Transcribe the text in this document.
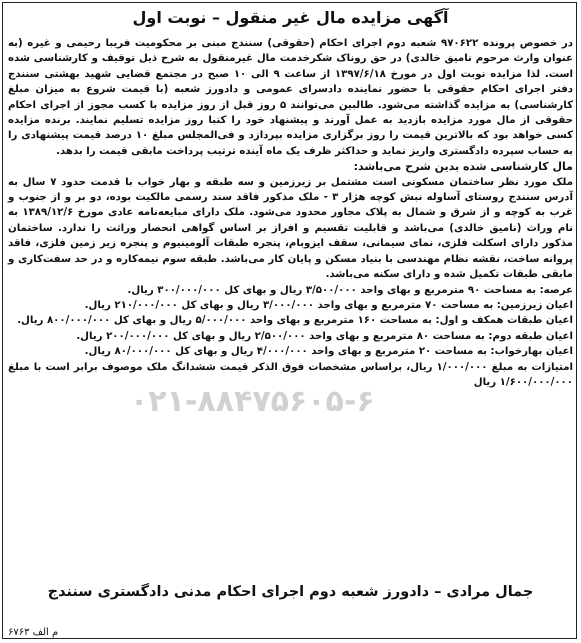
آگهی مزایده مال غیر منقول – نوبت اول

در خصوص پرونده ۹۷۰۶۲۲ شعبه دوم اجرای احکام (حقوقی) سنندج مبنی بر محکومیت فریبا رحیمی و غیره (به عنوان وارث مرحوم نامیق خالدی) در حق روناک شکرخدمت مال غیرمنقول به شرح ذیل توقیف و کارشناسی شده است. لذا مزایده نوبت اول در مورخ ۱۳۹۷/۶/۱۸ از ساعت ۹ الی ۱۰ صبح در مجتمع قضایی شهید بهشتی سنندج دفتر اجرای احکام حقوقی با حضور نماینده دادسرای عمومی و دادورز شعبه (با قیمت شروع به میزان مبلغ کارشناسی) به مزایده گذاشته می‌شود. طالبین می‌توانند ۵ روز قبل از روز مزایده با کسب مجوز از اجرای احکام حقوقی از مال مورد مزایده بازدید به عمل آورند و پیشنهاد خود را کتبا روز مزایده تسلیم نمایند. برنده مزایده کسی خواهد بود که بالاترین قیمت را روز برگزاری مزایده بپردازد و فی‌المجلس مبلغ ۱۰ درصد قیمت پیشنهادی را به حساب سپرده دادگستری واریز نماید و حداکثر ظرف یک ماه آینده ترتیب پرداخت مابقی قیمت را بدهد.

مال کارشناسی شده بدین شرح می‌باشد:

ملک مورد نظر ساختمان مسکونی است مشتمل بر زیرزمین و سه طبقه و بهار خواب با قدمت حدود ۷ سال به آدرس سنندج روستای آساوله نبش کوچه هژار ۳ - ملک مذکور فاقد سند رسمی مالکیت بوده، دو بر و از جنوب و غرب به کوچه و از شرق و شمال به پلاک مجاور محدود می‌شود. ملک دارای مبایعه‌نامه عادی مورخ ۱۳۸۹/۱۲/۶ به نام وراث (نامیق خالدی) می‌باشد و قابلیت تقسیم و افراز بر اساس گواهی انحصار وراثت را ندارد. ساختمان مذکور دارای اسکلت فلزی، نمای سیمانی، سقف ایزوبام، پنجره طبقات آلومینیوم و پنجره زیر زمین فلزی، فاقد پروانه ساخت، نقشه نظام مهندسی با بنیاد مسکن و پایان کار می‌باشد. طبقه سوم نیمه‌کاره و در حد سفت‌کاری و مابقی طبقات تکمیل شده و دارای سکنه می‌باشد.

عرصه: به مساحت ۹۰ مترمربع و بهای واحد ۳/۵۰۰/۰۰۰ ریال و بهای کل ۳۰۰/۰۰۰/۰۰۰ ریال.

اعیان زیرزمین: به مساحت ۷۰ مترمربع و بهای واحد ۳/۰۰۰/۰۰۰ ریال و بهای کل ۲۱۰/۰۰۰/۰۰۰ ریال.

اعیان طبقات همکف و اول: به مساحت ۱۶۰ مترمربع و بهای واحد ۵/۰۰۰/۰۰۰ ریال و بهای کل ۸۰۰/۰۰۰/۰۰۰ ریال.

اعیان طبقه دوم: به مساحت ۸۰ مترمربع و بهای واحد ۲/۵۰۰/۰۰۰ ریال و بهای کل ۲۰۰/۰۰۰/۰۰۰ ریال.

اعیان بهارخواب: به مساحت ۲۰ مترمربع و بهای واحد ۴/۰۰۰/۰۰۰ ریال و بهای کل ۸۰/۰۰۰/۰۰۰ ریال.

امتیازات به مبلغ ۱/۰۰۰/۰۰۰ ریال، براساس مشخصات فوق الذکر قیمت ششدانگ ملک موصوف برابر است با مبلغ ۱/۶۰۰/۰۰۰/۰۰۰ ریال

۰۲۱-۸۸۴۷۵۶۰۵-۶
جمال مرادی – دادورز شعبه دوم اجرای احکام مدنی دادگستری سنندج
م الف ۶۷۶۳
